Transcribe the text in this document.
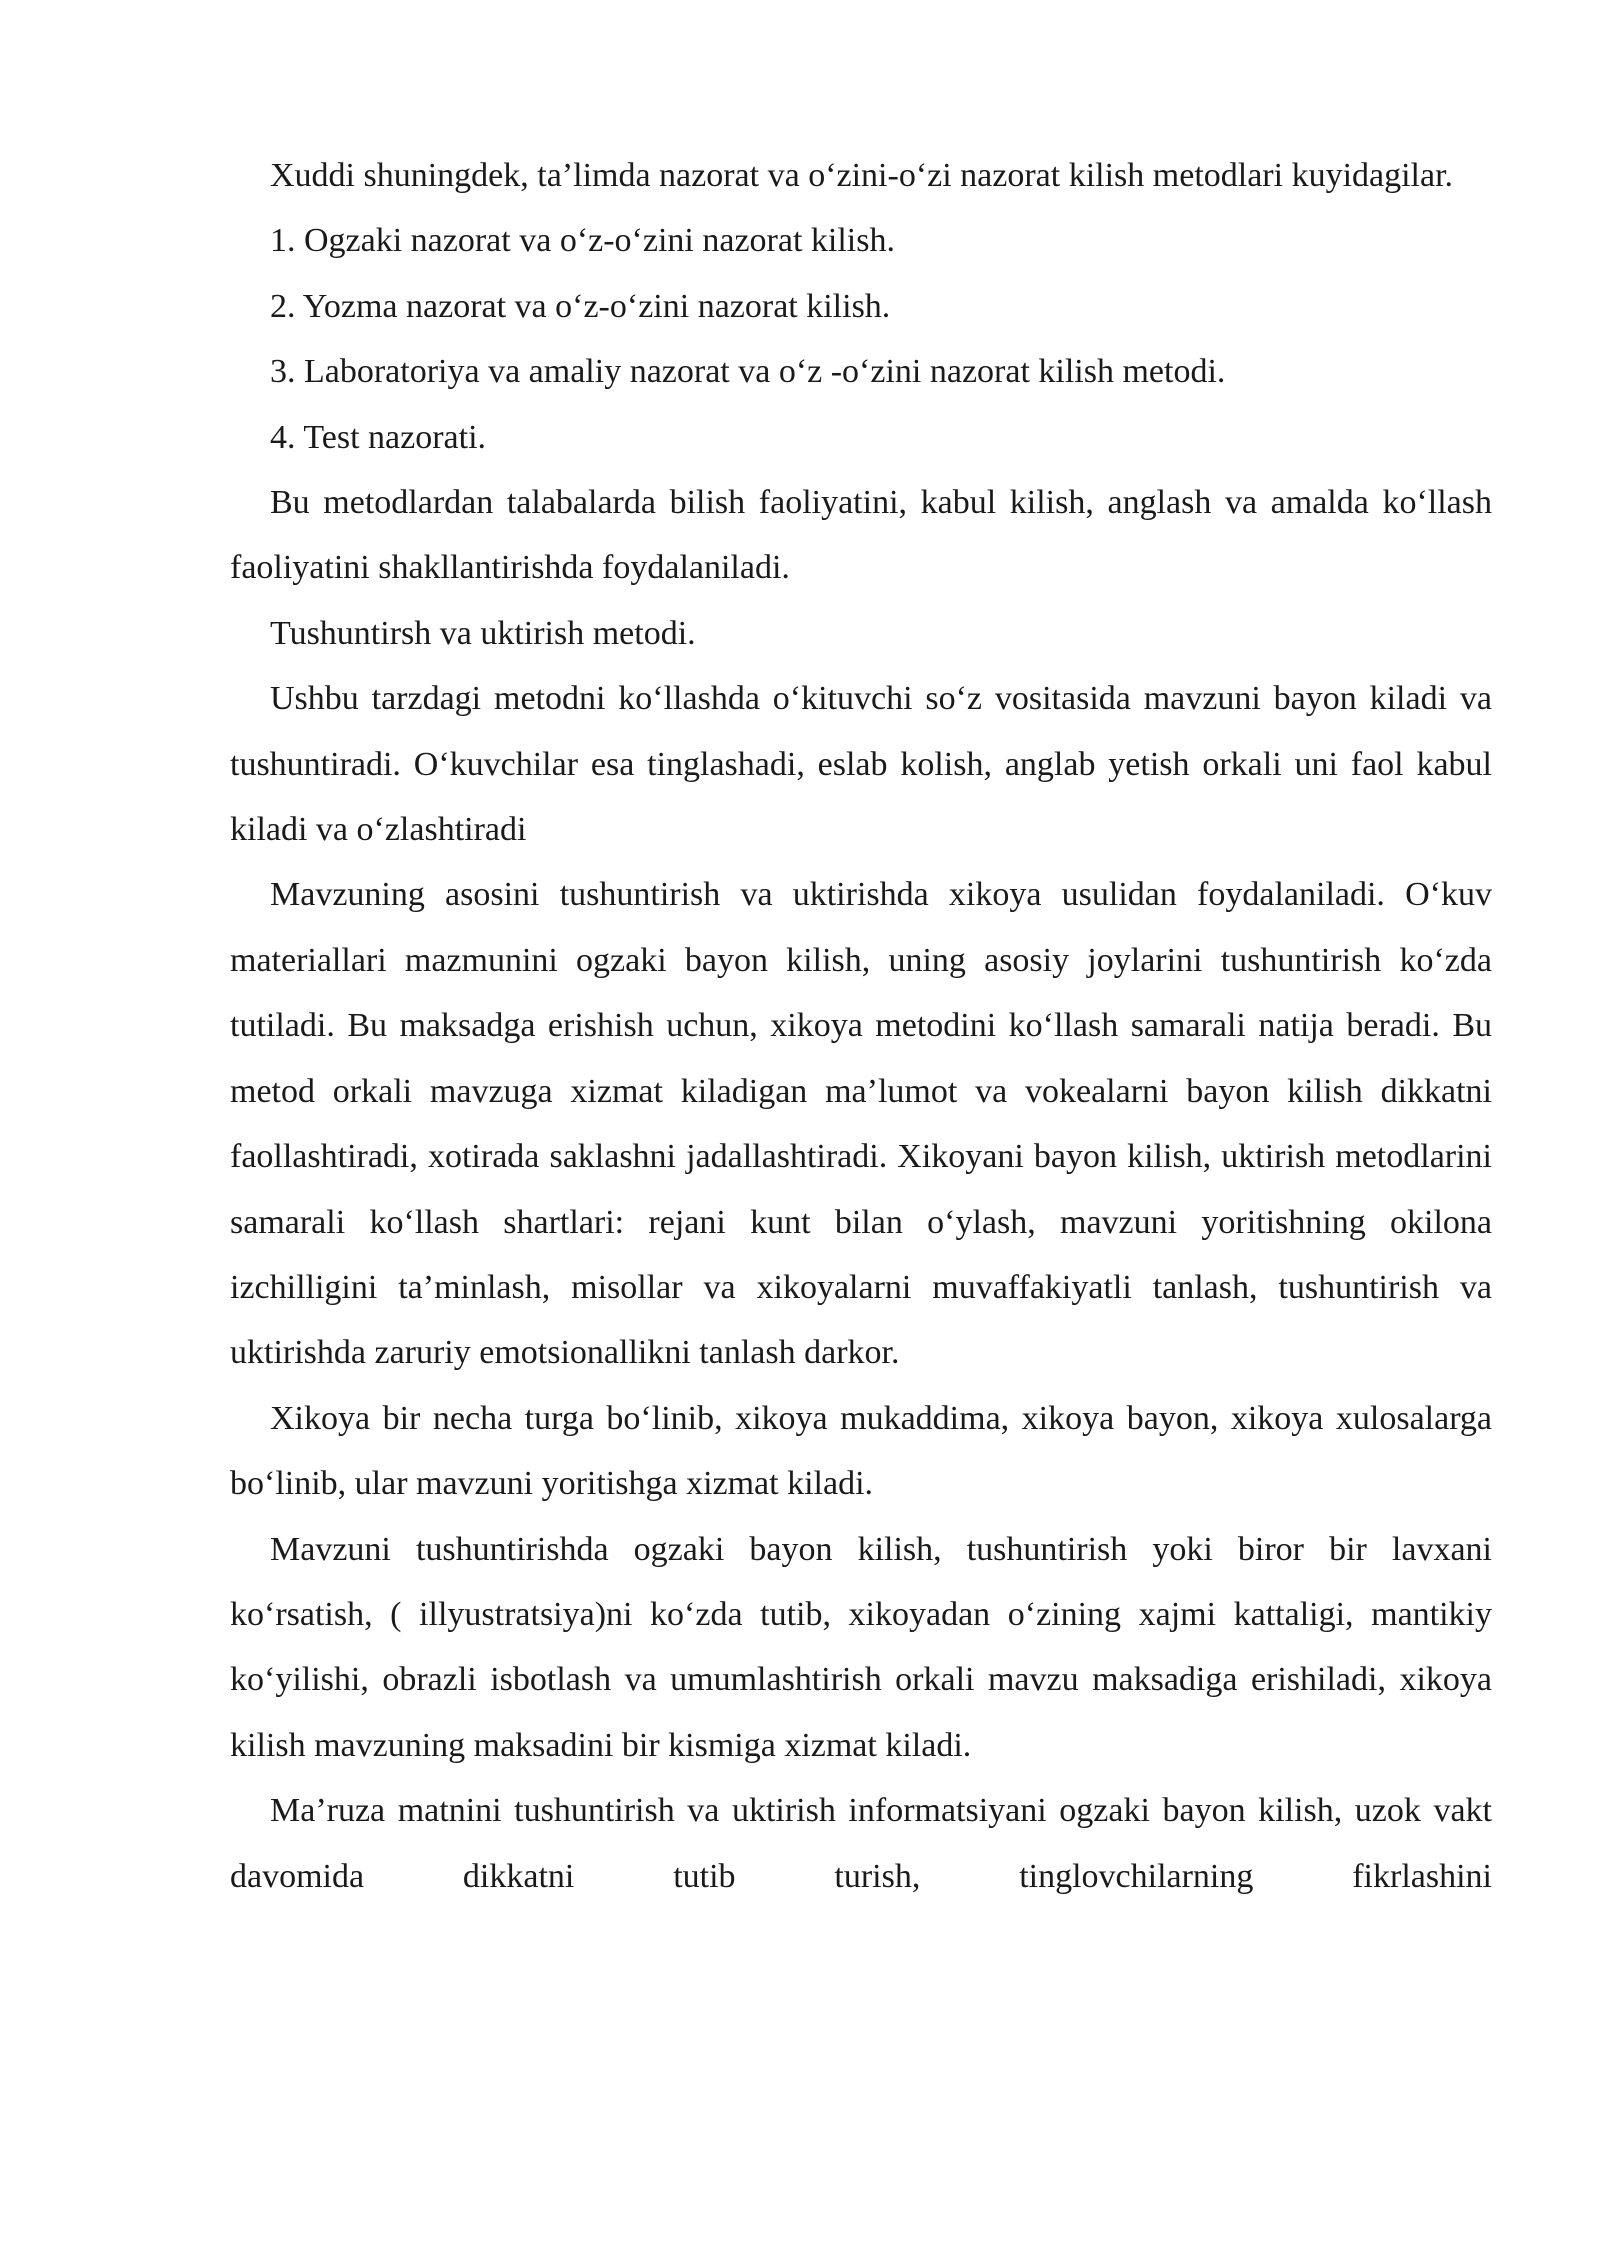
Xuddi shuningdek, ta’limda nazorat va o‘zini-o‘zi nazorat kilish metodlari kuyidagilar.

1. Ogzaki nazorat va o‘z-o‘zini nazorat kilish.

2. Yozma nazorat va o‘z-o‘zini nazorat kilish.

3. Laboratoriya va amaliy nazorat va o‘z -o‘zini nazorat kilish metodi.

4. Test nazorati.

Bu metodlardan talabalarda bilish faoliyatini, kabul kilish, anglash va amalda ko‘llash faoliyatini shakllantirishda foydalaniladi.

Tushuntirsh va uktirish metodi.

Ushbu tarzdagi metodni ko‘llashda o‘kituvchi so‘z vositasida mavzuni bayon kiladi va tushuntiradi. O‘kuvchilar esa tinglashadi, eslab kolish, anglab yetish orkali uni faol kabul kiladi va o‘zlashtiradi

Mavzuning asosini tushuntirish va uktirishda xikoya usulidan foydalaniladi. O‘kuv materiallari mazmunini ogzaki bayon kilish, uning asosiy joylarini tushuntirish ko‘zda tutiladi. Bu maksadga erishish uchun, xikoya metodini ko‘llash samarali natija beradi. Bu metod orkali mavzuga xizmat kiladigan ma’lumot va vokealarni bayon kilish dikkatni faollashtiradi, xotirada saklashni jadallashtiradi. Xikoyani bayon kilish, uktirish metodlarini samarali ko‘llash shartlari: rejani kunt bilan o‘ylash, mavzuni yoritishning okilona izchilligini ta’minlash, misollar va xikoyalarni muvaffakiyatli tanlash, tushuntirish va uktirishda zaruriy emotsionallikni tanlash darkor.

Xikoya bir necha turga bo‘linib, xikoya mukaddima, xikoya bayon, xikoya xulosalarga bo‘linib, ular mavzuni yoritishga xizmat kiladi.

Mavzuni tushuntirishda ogzaki bayon kilish, tushuntirish yoki biror bir lavxani ko‘rsatish, ( illyustratsiya)ni ko‘zda tutib, xikoyadan o‘zining xajmi kattaligi, mantikiy ko‘yilishi, obrazli isbotlash va umumlashtirish orkali mavzu maksadiga erishiladi, xikoya kilish mavzuning maksadini bir kismiga xizmat kiladi.

Ma’ruza matnini tushuntirish va uktirish informatsiyani ogzaki bayon kilish, uzok vakt davomida dikkatni tutib turish, tinglovchilarning fikrlashini
